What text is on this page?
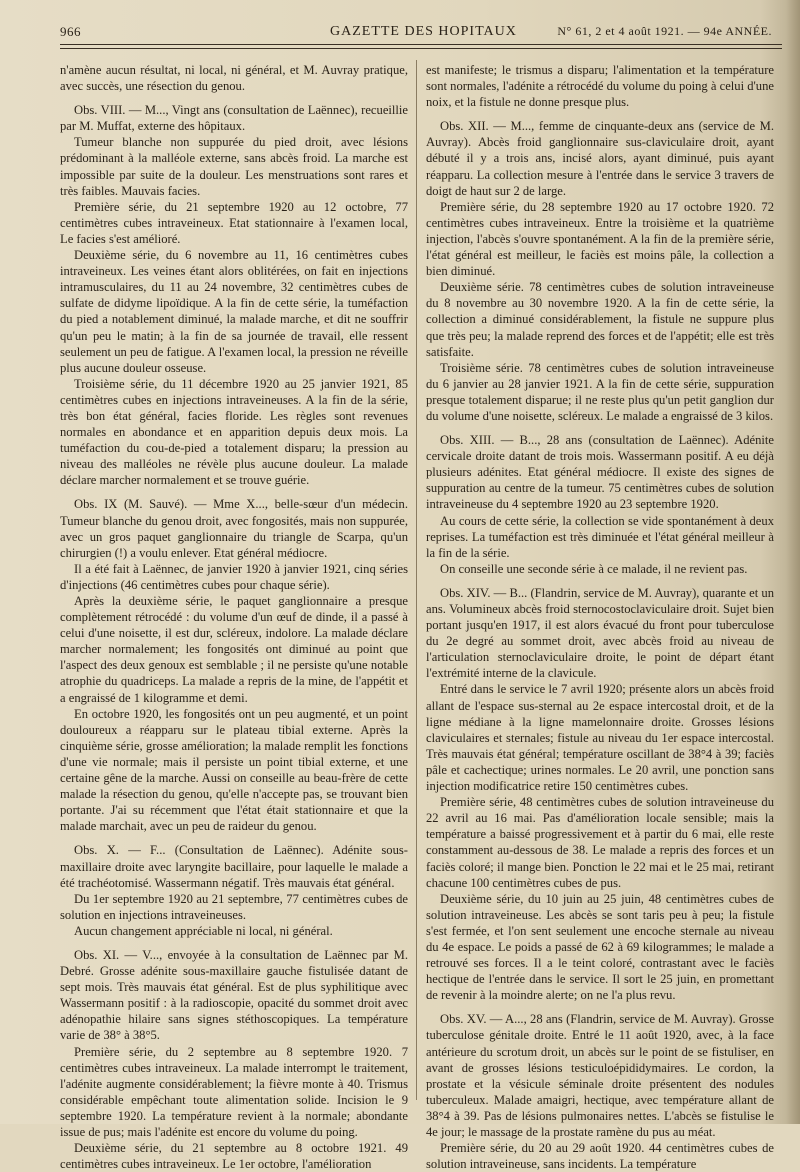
966	GAZETTE DES HOPITAUX	N° 61, 2 et 4 août 1921. — 94e ANNÉE.

n'amène aucun résultat, ni local, ni général, et M. Auvray pratique, avec succès, une résection du genou.

Obs. VIII. — M..., Vingt ans (consultation de Laënnec), recueillie par M. Muffat, externe des hôpitaux.

Tumeur blanche non suppurée du pied droit, avec lésions prédominant à la malléole externe, sans abcès froid. La marche est impossible par suite de la douleur. Les menstruations sont rares et très faibles. Mauvais facies.

Première série, du 21 septembre 1920 au 12 octobre, 77 centimètres cubes intraveineux. Etat stationnaire à l'examen local, Le facies s'est amélioré.

Deuxième série, du 6 novembre au 11, 16 centimètres cubes intraveineux. Les veines étant alors oblitérées, on fait en injections intramusculaires, du 11 au 24 novembre, 32 centimètres cubes de sulfate de didyme lipoïdique. A la fin de cette série, la tuméfaction du pied a notablement diminué, la malade marche, et dit ne souffrir qu'un peu le matin; à la fin de sa journée de travail, elle ressent seulement un peu de fatigue. A l'examen local, la pression ne réveille plus aucune douleur osseuse.

Troisième série, du 11 décembre 1920 au 25 janvier 1921, 85 centimètres cubes en injections intraveineuses. A la fin de la série, très bon état général, facies floride. Les règles sont revenues normales en abondance et en apparition depuis deux mois. La tuméfaction du cou-de-pied a totalement disparu; la pression au niveau des malléoles ne révèle plus aucune douleur. La malade déclare marcher normalement et se trouve guérie.

Obs. IX (M. Sauvé). — Mme X..., belle-sœur d'un médecin. Tumeur blanche du genou droit, avec fongosités, mais non suppurée, avec un gros paquet ganglionnaire du triangle de Scarpa, qu'un chirurgien (!) a voulu enlever. Etat général médiocre.

Il a été fait à Laënnec, de janvier 1920 à janvier 1921, cinq séries d'injections (46 centimètres cubes pour chaque série).

Après la deuxième série, le paquet ganglionnaire a presque complètement rétrocédé : du volume d'un œuf de dinde, il a passé à celui d'une noisette, il est dur, scléreux, indolore. La malade déclare marcher normalement; les fongosités ont diminué au point que l'aspect des deux genoux est semblable ; il ne persiste qu'une notable atrophie du quadriceps. La malade a repris de la mine, de l'appétit et a engraissé de 1 kilogramme et demi.

En octobre 1920, les fongosités ont un peu augmenté, et un point douloureux a réapparu sur le plateau tibial externe. Après la cinquième série, grosse amélioration; la malade remplit les fonctions d'une vie normale; mais il persiste un point tibial externe, et une certaine gêne de la marche. Aussi on conseille au beau-frère de cette malade la résection du genou, qu'elle n'accepte pas, se trouvant bien portante. J'ai su récemment que l'état était stationnaire et que la malade marchait, avec un peu de raideur du genou.

Obs. X. — F... (Consultation de Laënnec). Adénite sous-maxillaire droite avec laryngite bacillaire, pour laquelle le malade a été trachéotomisé. Wassermann négatif. Très mauvais état général.

Du 1er septembre 1920 au 21 septembre, 77 centimètres cubes de solution en injections intraveineuses.

Aucun changement appréciable ni local, ni général.

Obs. XI. — V..., envoyée à la consultation de Laënnec par M. Debré. Grosse adénite sous-maxillaire gauche fistulisée datant de sept mois. Très mauvais état général. Est de plus syphilitique avec Wassermann positif : à la radioscopie, opacité du sommet droit avec adénopathie hilaire sans signes stéthoscopiques. La température varie de 38° à 38°5.

Première série, du 2 septembre au 8 septembre 1920. 7 centimètres cubes intraveineux. La malade interrompt le traitement, l'adénite augmente considérablement; la fièvre monte à 40. Trismus considérable empêchant toute alimentation solide. Incision le 9 septembre 1920. La température revient à la normale; abondante issue de pus; mais l'adénite est encore du volume du poing.

Deuxième série, du 21 septembre au 8 octobre 1921. 49 centimètres cubes intraveineux. Le 1er octobre, l'amélioration

est manifeste; le trismus a disparu; l'alimentation et la température sont normales, l'adénite a rétrocédé du volume du poing à celui d'une noix, et la fistule ne donne presque plus.

Obs. XII. — M..., femme de cinquante-deux ans (service de M. Auvray). Abcès froid ganglionnaire sus-claviculaire droit, ayant débuté il y a trois ans, incisé alors, ayant diminué, puis ayant réapparu. La collection mesure à l'entrée dans le service 3 travers de doigt de haut sur 2 de large.

Première série, du 28 septembre 1920 au 17 octobre 1920. 72 centimètres cubes intraveineux. Entre la troisième et la quatrième injection, l'abcès s'ouvre spontanément. A la fin de la première série, l'état général est meilleur, le faciès est moins pâle, la collection a bien diminué.

Deuxième série. 78 centimètres cubes de solution intraveineuse du 8 novembre au 30 novembre 1920. A la fin de cette série, la collection a diminué considérablement, la fistule ne suppure plus que très peu; la malade reprend des forces et de l'appétit; elle est très satisfaite.

Troisième série. 78 centimètres cubes de solution intraveineuse du 6 janvier au 28 janvier 1921. A la fin de cette série, suppuration presque totalement disparue; il ne reste plus qu'un petit ganglion dur du volume d'une noisette, scléreux. Le malade a engraissé de 3 kilos.

Obs. XIII. — B..., 28 ans (consultation de Laënnec). Adénite cervicale droite datant de trois mois. Wassermann positif. A eu déjà plusieurs adénites. Etat général médiocre. Il existe des signes de suppuration au centre de la tumeur. 75 centimètres cubes de solution intraveineuse du 4 septembre 1920 au 23 septembre 1920.

Au cours de cette série, la collection se vide spontanément à deux reprises. La tuméfaction est très diminuée et l'état général meilleur à la fin de la série.

On conseille une seconde série à ce malade, il ne revient pas.

Obs. XIV. — B... (Flandrin, service de M. Auvray), quarante et un ans. Volumineux abcès froid sternocostoclaviculaire droit. Sujet bien portant jusqu'en 1917, il est alors évacué du front pour tuberculose du 2e degré au sommet droit, avec abcès froid au niveau de l'articulation sternoclaviculaire droite, le point de départ étant l'extrémité interne de la clavicule.

Entré dans le service le 7 avril 1920; présente alors un abcès froid allant de l'espace sus-sternal au 2e espace intercostal droit, et de la ligne médiane à la ligne mamelonnaire droite. Grosses lésions claviculaires et sternales; fistule au niveau du 1er espace intercostal. Très mauvais état général; température oscillant de 38°4 à 39; faciès pâle et cachectique; urines normales. Le 20 avril, une ponction sans injection modificatrice retire 150 centimètres cubes.

Première série, 48 centimètres cubes de solution intraveineuse du 22 avril au 16 mai. Pas d'amélioration locale sensible; mais la température a baissé progressivement et à partir du 6 mai, elle reste constamment au-dessous de 38. Le malade a repris des forces et un faciès coloré; il mange bien. Ponction le 22 mai et le 25 mai, retirant chacune 100 centimètres cubes de pus.

Deuxième série, du 10 juin au 25 juin, 48 centimètres cubes de solution intraveineuse. Les abcès se sont taris peu à peu; la fistule s'est fermée, et l'on sent seulement une encoche sternale au niveau du 4e espace. Le poids a passé de 62 à 69 kilogrammes; le malade a retrouvé ses forces. Il a le teint coloré, contrastant avec le faciès hectique de l'entrée dans le service. Il sort le 25 juin, en promettant de revenir à la moindre alerte; on ne l'a plus revu.

Obs. XV. — A..., 28 ans (Flandrin, service de M. Auvray). Grosse tuberculose génitale droite. Entré le 11 août 1920, avec, à la face antérieure du scrotum droit, un abcès sur le point de se fistuliser, en avant de grosses lésions testiculoépididymaires. Le cordon, la prostate et la vésicule séminale droite présentent des nodules tuberculeux. Malade amaigri, hectique, avec température allant de 38°4 à 39. Pas de lésions pulmonaires nettes. L'abcès se fistulise le 4e jour; le massage de la prostate ramène du pus au méat.

Première série, du 20 au 29 août 1920. 44 centimètres cubes de solution intraveineuse, sans incidents. La température
